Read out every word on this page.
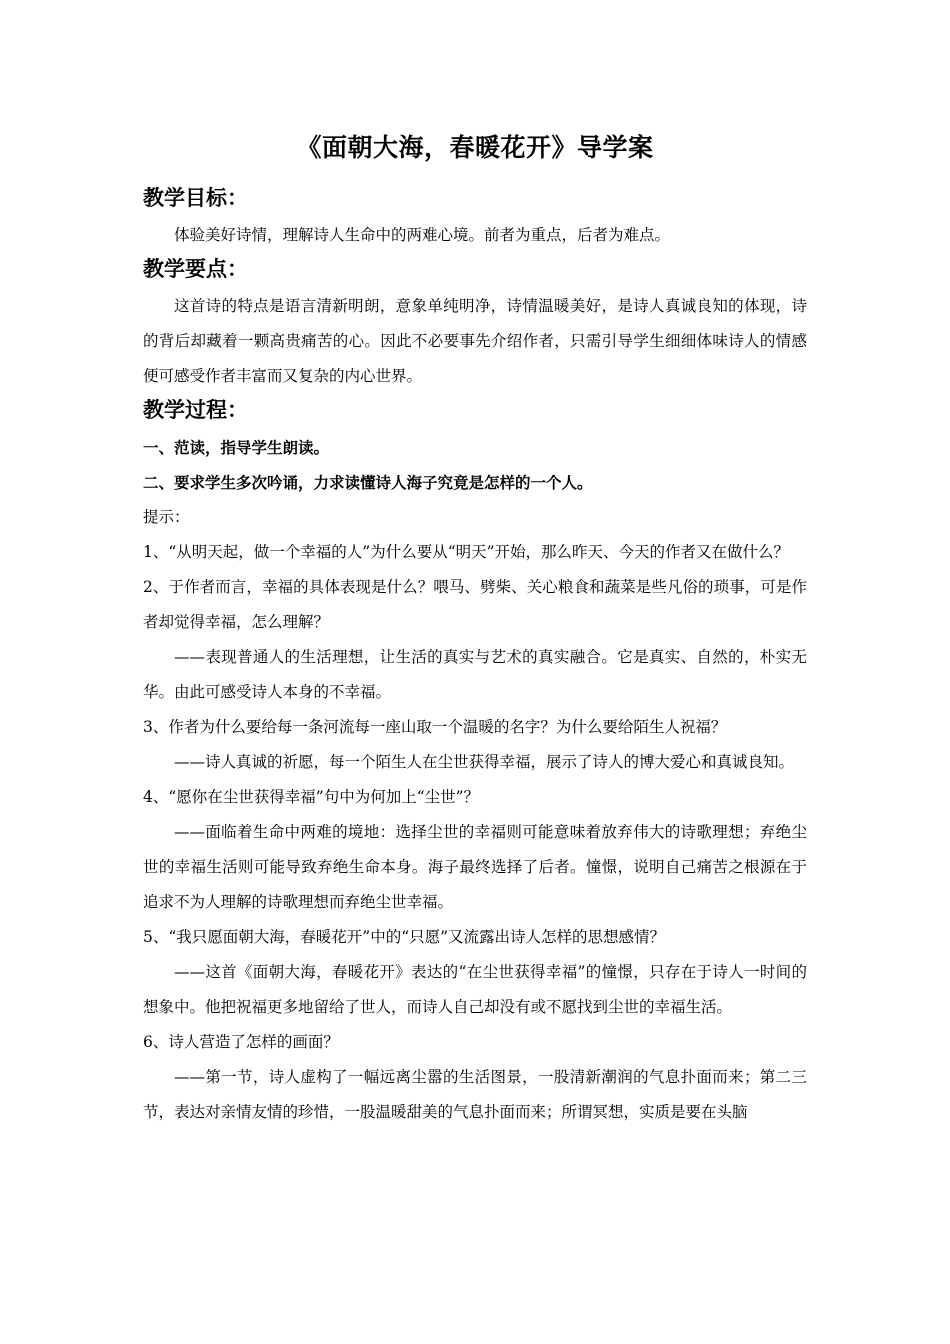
《面朝大海，春暖花开》导学案
教学目标：

体验美好诗情，理解诗人生命中的两难心境。前者为重点，后者为难点。

教学要点：

这首诗的特点是语言清新明朗，意象单纯明净，诗情温暖美好，是诗人真诚良知的体现，诗的背后却藏着一颗高贵痛苦的心。因此不必要事先介绍作者，只需引导学生细细体味诗人的情感便可感受作者丰富而又复杂的内心世界。

教学过程：

一、范读，指导学生朗读。

二、要求学生多次吟诵，力求读懂诗人海子究竟是怎样的一个人。

提示：

1、“从明天起，做一个幸福的人”为什么要从“明天”开始，那么昨天、今天的作者又在做什么？

2、于作者而言，幸福的具体表现是什么？喂马、劈柴、关心粮食和蔬菜是些凡俗的琐事，可是作者却觉得幸福，怎么理解？

——表现普通人的生活理想，让生活的真实与艺术的真实融合。它是真实、自然的，朴实无华。由此可感受诗人本身的不幸福。

3、作者为什么要给每一条河流每一座山取一个温暖的名字？为什么要给陌生人祝福？

——诗人真诚的祈愿，每一个陌生人在尘世获得幸福，展示了诗人的博大爱心和真诚良知。

4、“愿你在尘世获得幸福”句中为何加上“尘世”？

——面临着生命中两难的境地：选择尘世的幸福则可能意味着放弃伟大的诗歌理想；弃绝尘世的幸福生活则可能导致弃绝生命本身。海子最终选择了后者。憧憬，说明自己痛苦之根源在于追求不为人理解的诗歌理想而弃绝尘世幸福。

5、“我只愿面朝大海，春暖花开”中的“只愿”又流露出诗人怎样的思想感情？

——这首《面朝大海，春暖花开》表达的“在尘世获得幸福”的憧憬，只存在于诗人一时间的想象中。他把祝福更多地留给了世人，而诗人自己却没有或不愿找到尘世的幸福生活。

6、诗人营造了怎样的画面？

——第一节，诗人虚构了一幅远离尘嚣的生活图景，一股清新潮润的气息扑面而来；第二三节，表达对亲情友情的珍惜，一股温暖甜美的气息扑面而来；所谓冥想，实质是要在头脑
